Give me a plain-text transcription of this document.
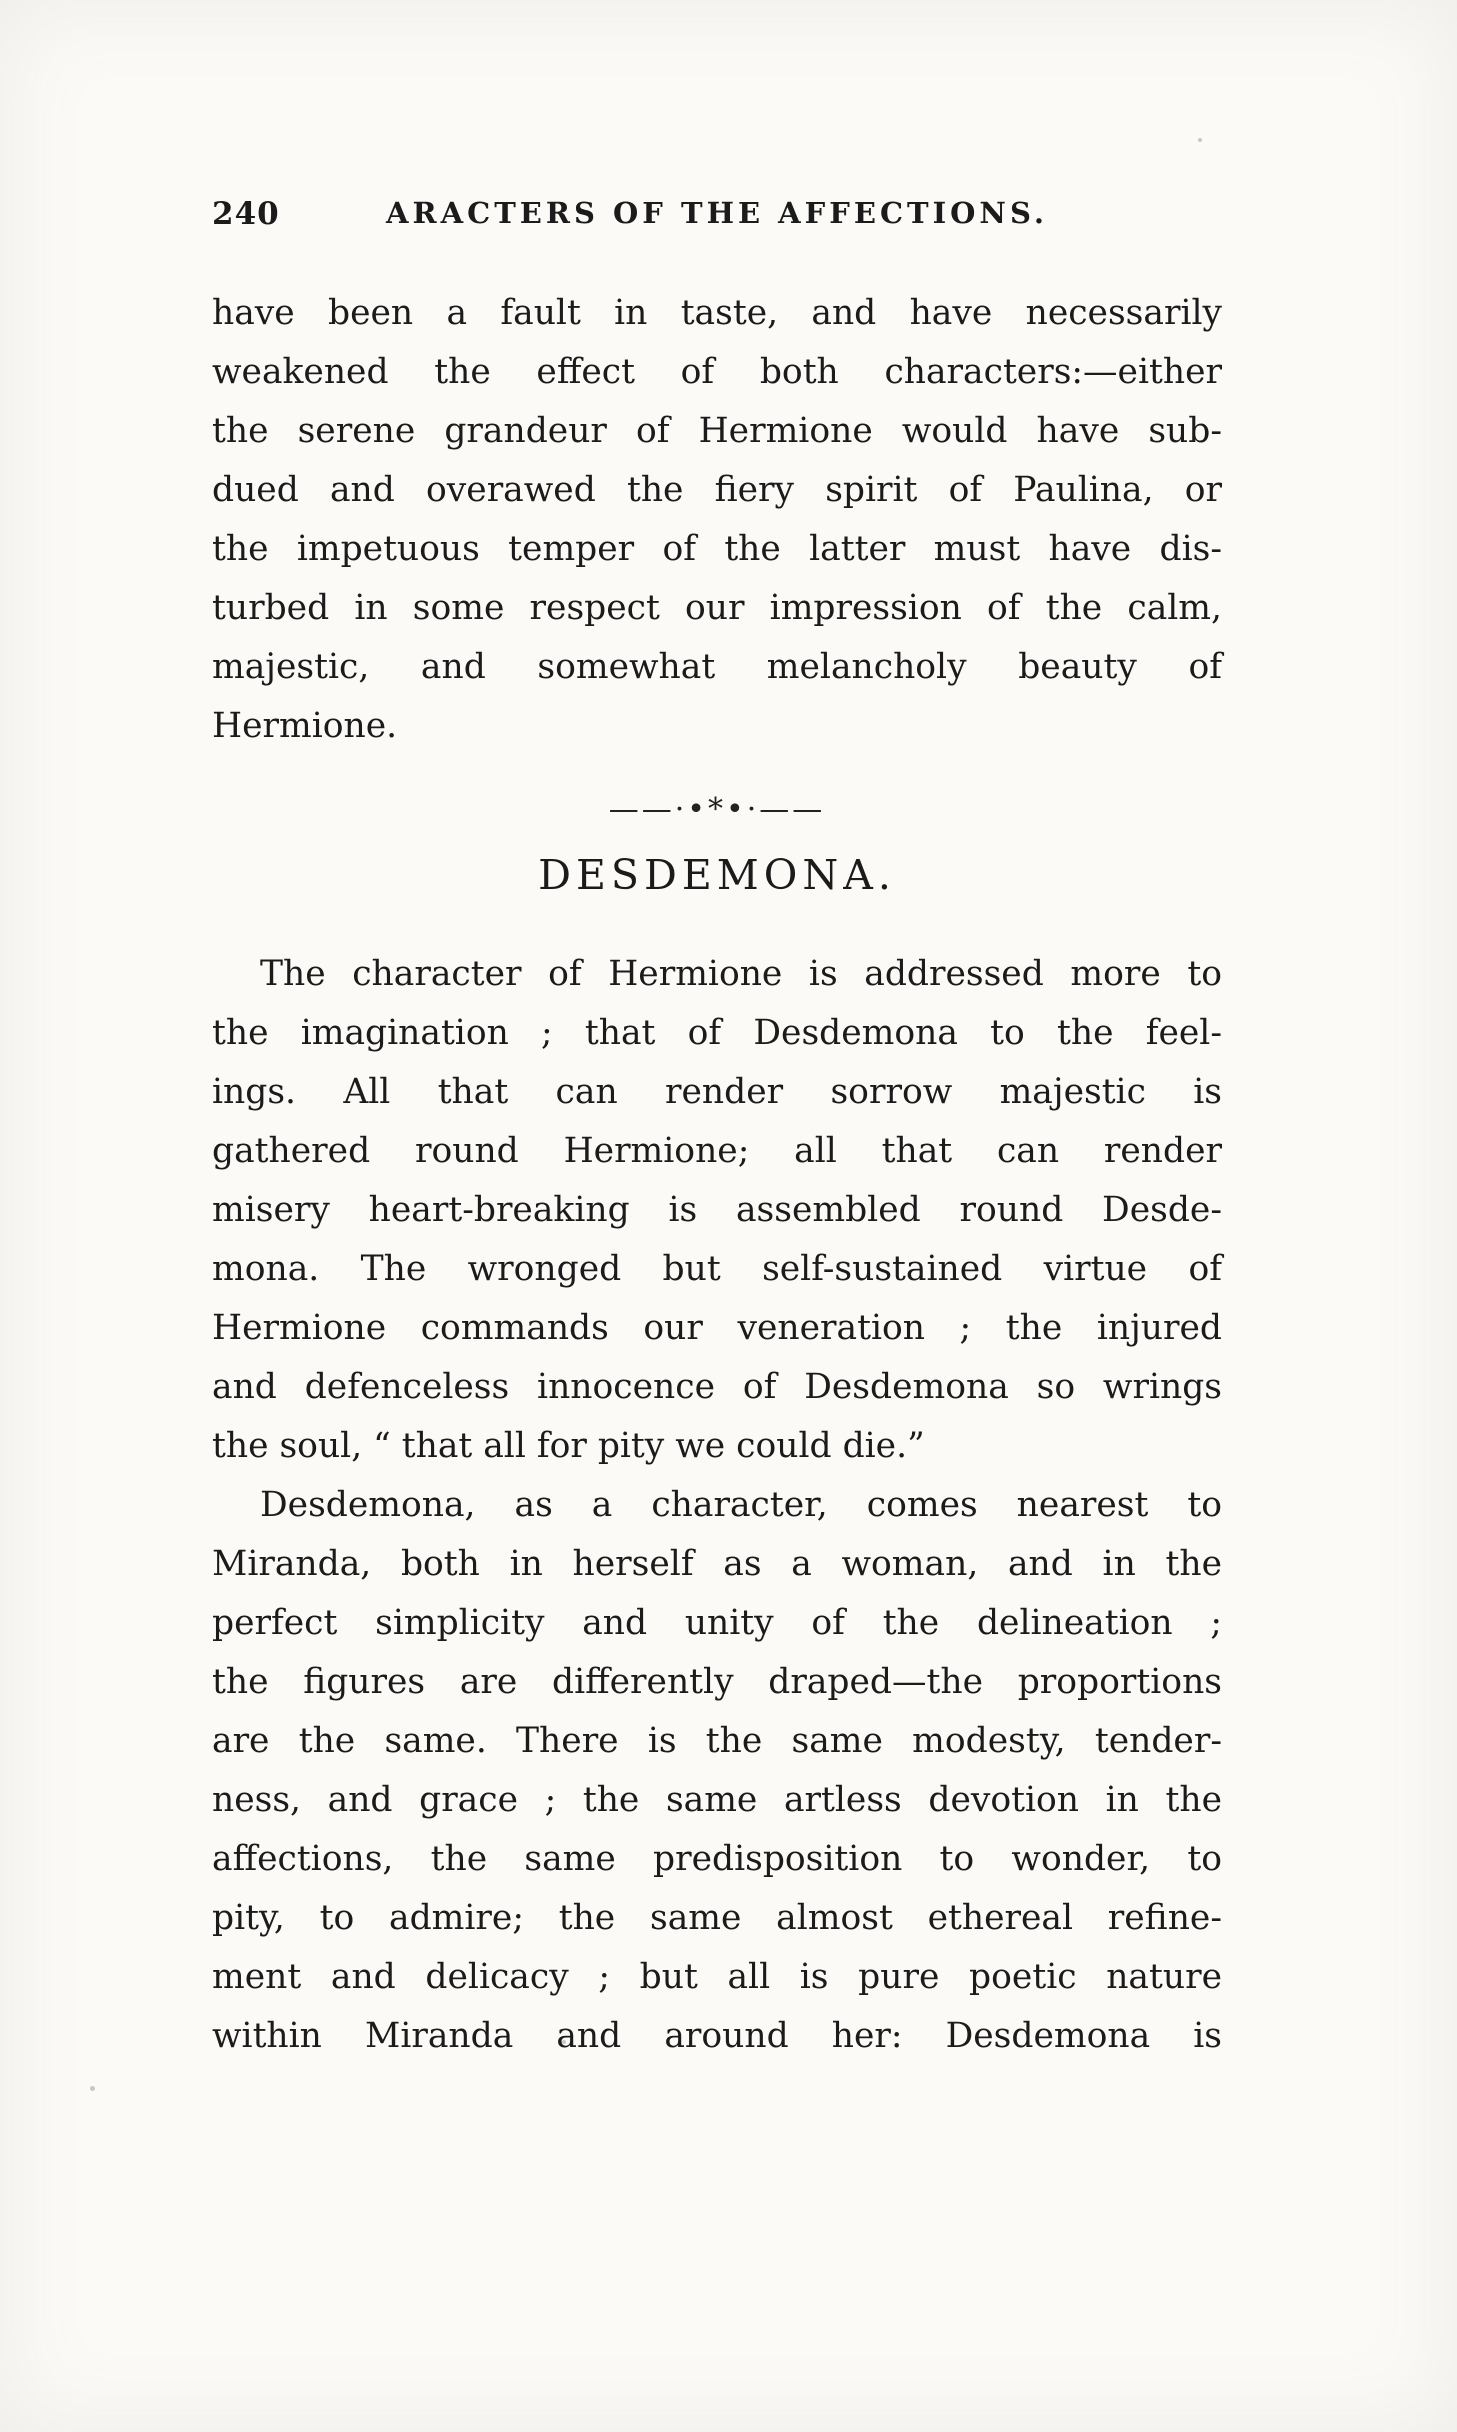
240	ARACTERS OF THE AFFECTIONS.
have been a fault in taste, and have necessarily
weakened the effect of both characters:—either
the serene grandeur of Hermione would have sub-
dued and overawed the fiery spirit of Paulina, or
the impetuous temper of the latter must have dis-
turbed in some respect our impression of the calm,
majestic, and somewhat melancholy beauty of
Hermione.
——·•*•·——
DESDEMONA.
The character of Hermione is addressed more to
the imagination ; that of Desdemona to the feel-
ings. All that can render sorrow majestic is
gathered round Hermione; all that can render
misery heart-breaking is assembled round Desde-
mona. The wronged but self-sustained virtue of
Hermione commands our veneration ; the injured
and defenceless innocence of Desdemona so wrings
the soul, “ that all for pity we could die.”
Desdemona, as a character, comes nearest to
Miranda, both in herself as a woman, and in the
perfect simplicity and unity of the delineation ;
the figures are differently draped—the proportions
are the same. There is the same modesty, tender-
ness, and grace ; the same artless devotion in the
affections, the same predisposition to wonder, to
pity, to admire; the same almost ethereal refine-
ment and delicacy ; but all is pure poetic nature
within Miranda and around her: Desdemona is
